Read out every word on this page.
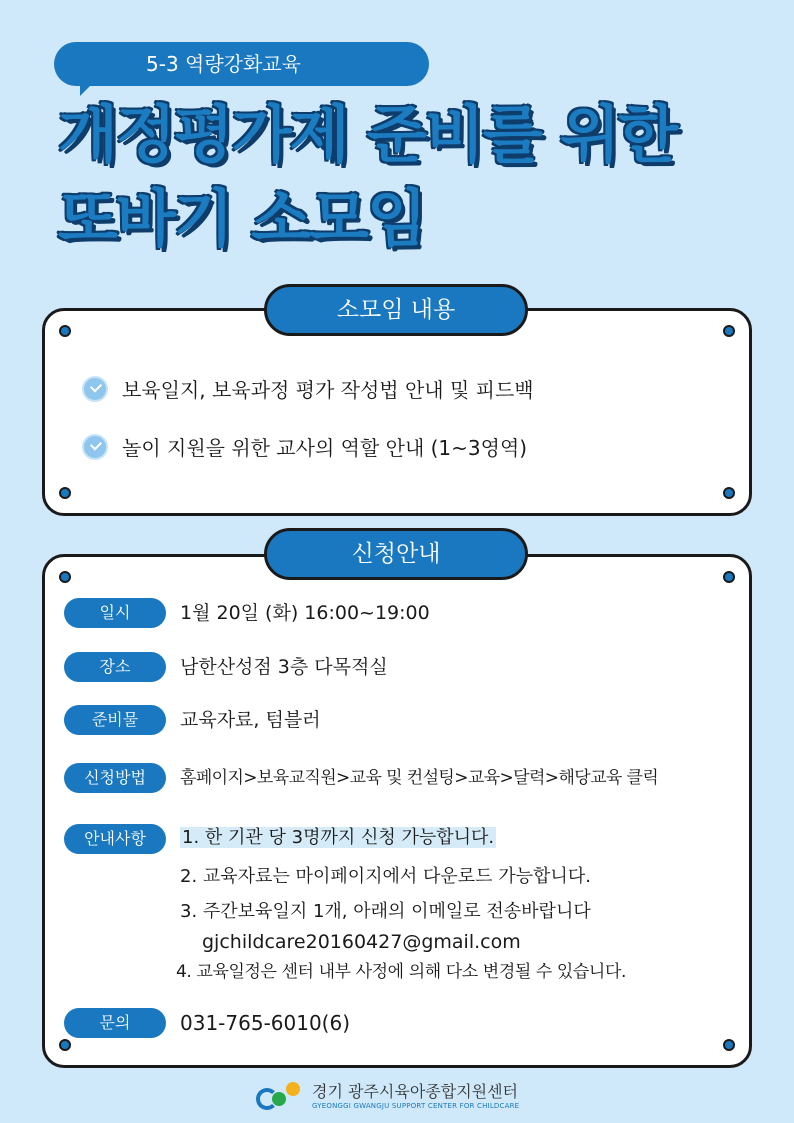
5-3 역량강화교육
개정평가제 준비를 위한
또바기 소모임
소모임 내용
보육일지, 보육과정 평가 작성법 안내 및 피드백
놀이 지원을 위한 교사의 역할 안내 (1~3영역)
신청안내
일시	1월 20일 (화) 16:00~19:00
장소	남한산성점 3층 다목적실
준비물	교육자료, 텀블러
신청방법	홈페이지>보육교직원>교육 및 컨설팅>교육>달력>해당교육 클릭
안내사항	1. 한 기관 당 3명까지 신청 가능합니다.
2. 교육자료는 마이페이지에서 다운로드 가능합니다.
3. 주간보육일지 1개, 아래의 이메일로 전송바랍니다
gjchildcare20160427@gmail.com
4. 교육일정은 센터 내부 사정에 의해 다소 변경될 수 있습니다.
문의	031-765-6010(6)
경기 광주시육아종합지원센터
GYEONGGI GWANGJU SUPPORT CENTER FOR CHILDCARE
